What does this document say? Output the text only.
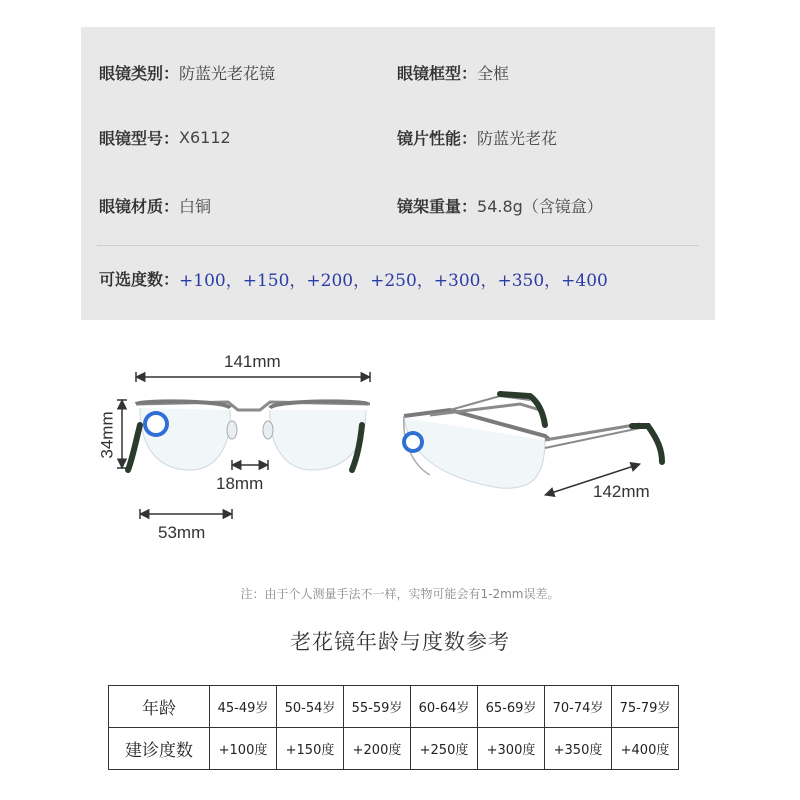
眼镜类别： 防蓝光老花镜	眼镜框型： 全框
眼镜型号： X6112	镜片性能： 防蓝光老花
眼镜材质： 白铜	镜架重量： 54.8g（含镜盒）
可选度数： +100，+150，+200，+250，+300，+350，+400
141mm
34mm
18mm
53mm
142mm
注：由于个人测量手法不一样，实物可能会有1-2mm误差。
老花镜年龄与度数参考
年龄	45-49岁	50-54岁	55-59岁	60-64岁	65-69岁	70-74岁	75-79岁
建诊度数	+100度	+150度	+200度	+250度	+300度	+350度	+400度
